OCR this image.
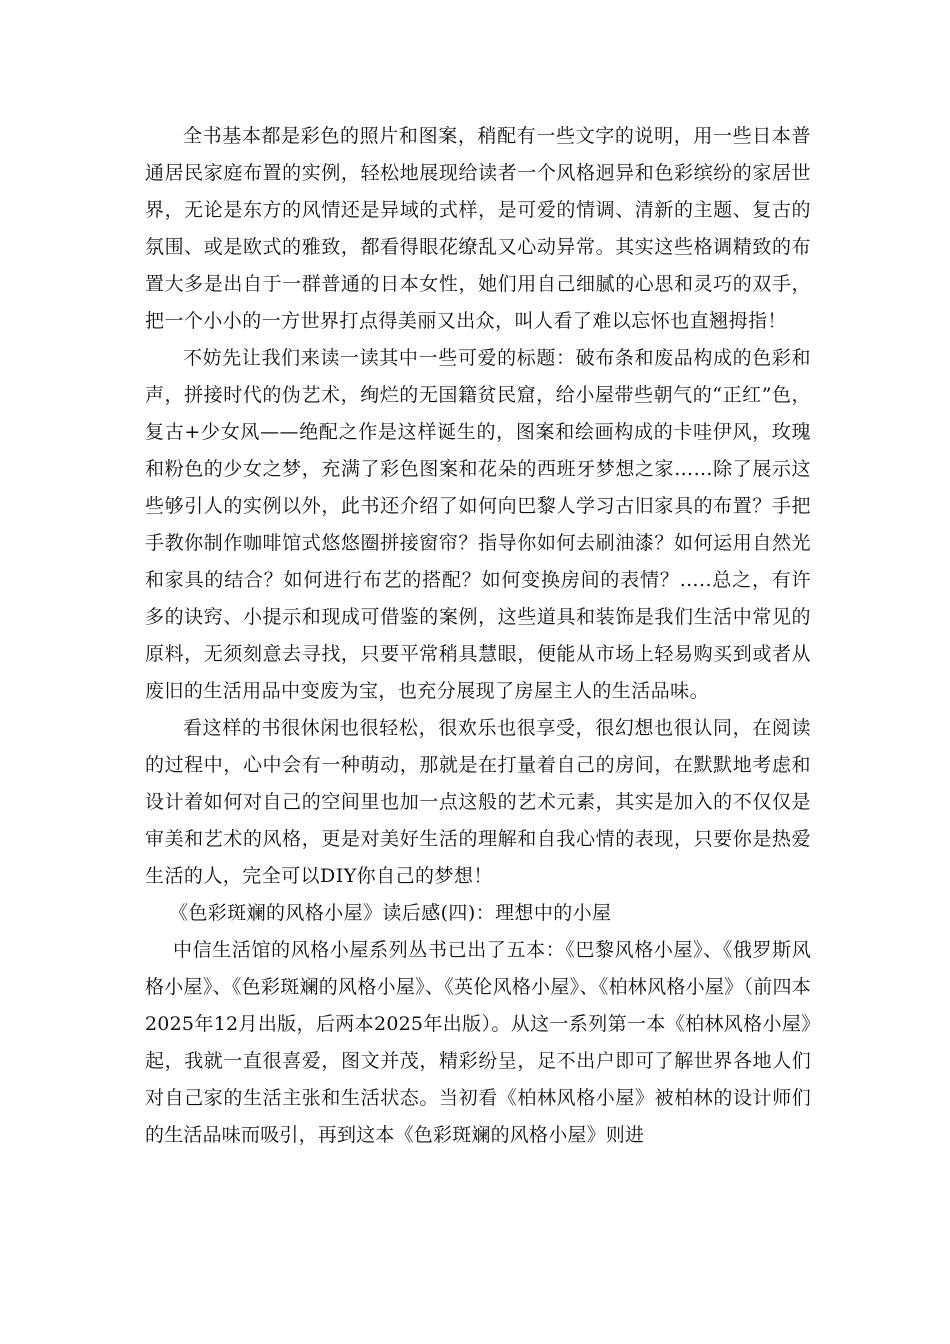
全书基本都是彩色的照片和图案，稍配有一些文字的说明，用一些日本普通居民家庭布置的实例，轻松地展现给读者一个风格迥异和色彩缤纷的家居世界，无论是东方的风情还是异域的式样，是可爱的情调、清新的主题、复古的氛围、或是欧式的雅致，都看得眼花缭乱又心动异常。其实这些格调精致的布置大多是出自于一群普通的日本女性，她们用自己细腻的心思和灵巧的双手，把一个小小的一方世界打点得美丽又出众，叫人看了难以忘怀也直翘拇指！

不妨先让我们来读一读其中一些可爱的标题：破布条和废品构成的色彩和声，拼接时代的伪艺术，绚烂的无国籍贫民窟，给小屋带些朝气的“正红”色，复古+少女风——绝配之作是这样诞生的，图案和绘画构成的卡哇伊风，玫瑰和粉色的少女之梦，充满了彩色图案和花朵的西班牙梦想之家……除了展示这些够引人的实例以外，此书还介绍了如何向巴黎人学习古旧家具的布置？手把手教你制作咖啡馆式悠悠圈拼接窗帘？指导你如何去刷油漆？如何运用自然光和家具的结合？如何进行布艺的搭配？如何变换房间的表情？…..总之，有许多的诀窍、小提示和现成可借鉴的案例，这些道具和装饰是我们生活中常见的原料，无须刻意去寻找，只要平常稍具慧眼，便能从市场上轻易购买到或者从废旧的生活用品中变废为宝，也充分展现了房屋主人的生活品味。

看这样的书很休闲也很轻松，很欢乐也很享受，很幻想也很认同，在阅读的过程中，心中会有一种萌动，那就是在打量着自己的房间，在默默地考虑和设计着如何对自己的空间里也加一点这般的艺术元素，其实是加入的不仅仅是审美和艺术的风格，更是对美好生活的理解和自我心情的表现，只要你是热爱生活的人，完全可以DIY你自己的梦想！

《色彩斑斓的风格小屋》读后感(四)：理想中的小屋

中信生活馆的风格小屋系列丛书已出了五本：《巴黎风格小屋》、《俄罗斯风格小屋》、《色彩斑斓的风格小屋》、《英伦风格小屋》、《柏林风格小屋》（前四本2025年12月出版，后两本2025年出版）。从这一系列第一本《柏林风格小屋》起，我就一直很喜爱，图文并茂，精彩纷呈，足不出户即可了解世界各地人们对自己家的生活主张和生活状态。当初看《柏林风格小屋》被柏林的设计师们的生活品味而吸引，再到这本《色彩斑斓的风格小屋》则进
